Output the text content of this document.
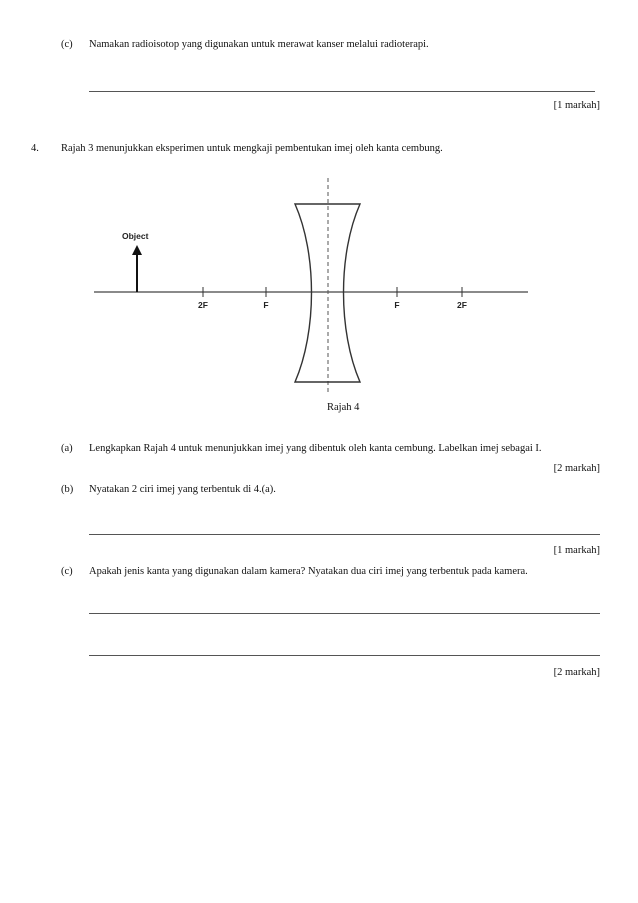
(c) Namakan radioisotop yang digunakan untuk merawat kanser melalui radioterapi.
[1 markah]
4. Rajah 3 menunjukkan eksperimen untuk mengkaji pembentukan imej oleh kanta cembung.
Object
2F	F	F	2F
Rajah 4
(a) Lengkapkan Rajah 4 untuk menunjukkan imej yang dibentuk oleh kanta cembung. Labelkan imej sebagai I.
[2 markah]
(b) Nyatakan 2 ciri imej yang terbentuk di 4.(a).
[1 markah]
(c) Apakah jenis kanta yang digunakan dalam kamera? Nyatakan dua ciri imej yang terbentuk pada kamera.
[2 markah]
